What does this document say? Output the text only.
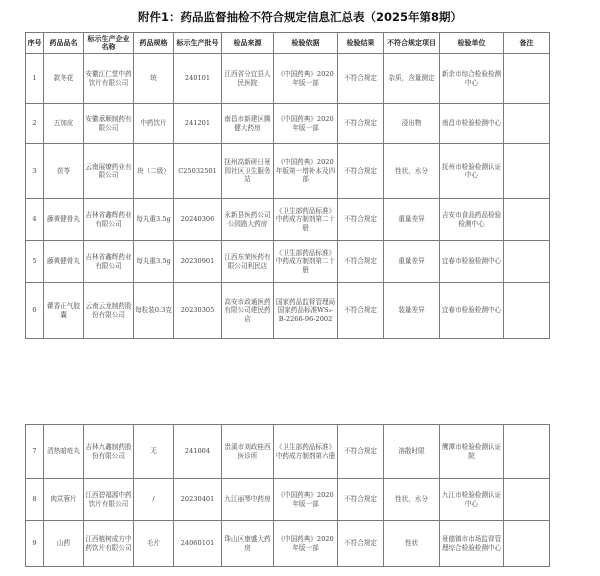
附件1：药品监督抽检不符合规定信息汇总表（2025年第8期）
序号	药品品名	标示生产企业名称	药品规格	标示生产批号	检品来源	检验依据	检验结果	不符合规定项目	检验单位	备注
1	款冬花	安徽江仁堂中药饮片有限公司	统	240101	江西省分宜县人民医院	《中国药典》2020年版一部	不符合规定	杂质，含量测定	新余市综合检验检测中心	
2	五加皮	安徽承顺制药有限公司	中药饮片	241201	南昌市新建区腾健大药房	《中国药典》2020年版一部	不符合规定	浸出物	南昌市检验检测中心	
3	茯苓	云南展燎药业有限公司	块（二级）	C25032501	抚州高新研日景园社区卫生服务站	《中国药典》2020年版第一增补本及四部	不符合规定	性状，水分	抚州市检验检测认证中心	
4	藤黄健骨丸	吉林省鑫辉药业有限公司	每丸重3.5g	20240306	永新县医药公司公园路大药房	《卫生部药品标准》中药成方制剂第二十册	不符合规定	重量差异	吉安市食品药品检验检测中心	
5	藤黄健骨丸	吉林省鑫辉药业有限公司	每丸重3.5g	20230901	江西东荣医药有限公司利民店	《卫生部药品标准》中药成方制剂第二十册	不符合规定	重量差异	宜春市检验检测中心	
6	藿香正气胶囊	云南云龙制药股份有限公司	每粒装0.3克	20230305	高安市政通医药有限公司建民药店	国家药品监督管理局国家药品标准WS₃-B-2266-96-2002	不符合规定	装量差异	宜春市检验检测中心	
7	清热暗疮丸	吉林九鑫制药股份有限公司	无	241004	贵溪市刘政桂西医诊所	《卫生部药品标准》中药成方制剂第六册	不符合规定	溶散时限	鹰潭市检验检测认证院	
8	肉苁蓉片	江西碧福源中药饮片有限公司	/	20230401	九江丽琴中药房	《中国药典》2020年版一部	不符合规定	性状，水分	九江市检验检测认证中心	
9	山药	江西植树成方中药饮片有限公司	毛片	24060101	珠山区康盛大药房	《中国药典》2020年版一部	不符合规定	性状	景德镇市市场监督管理综合检验检测中心	
